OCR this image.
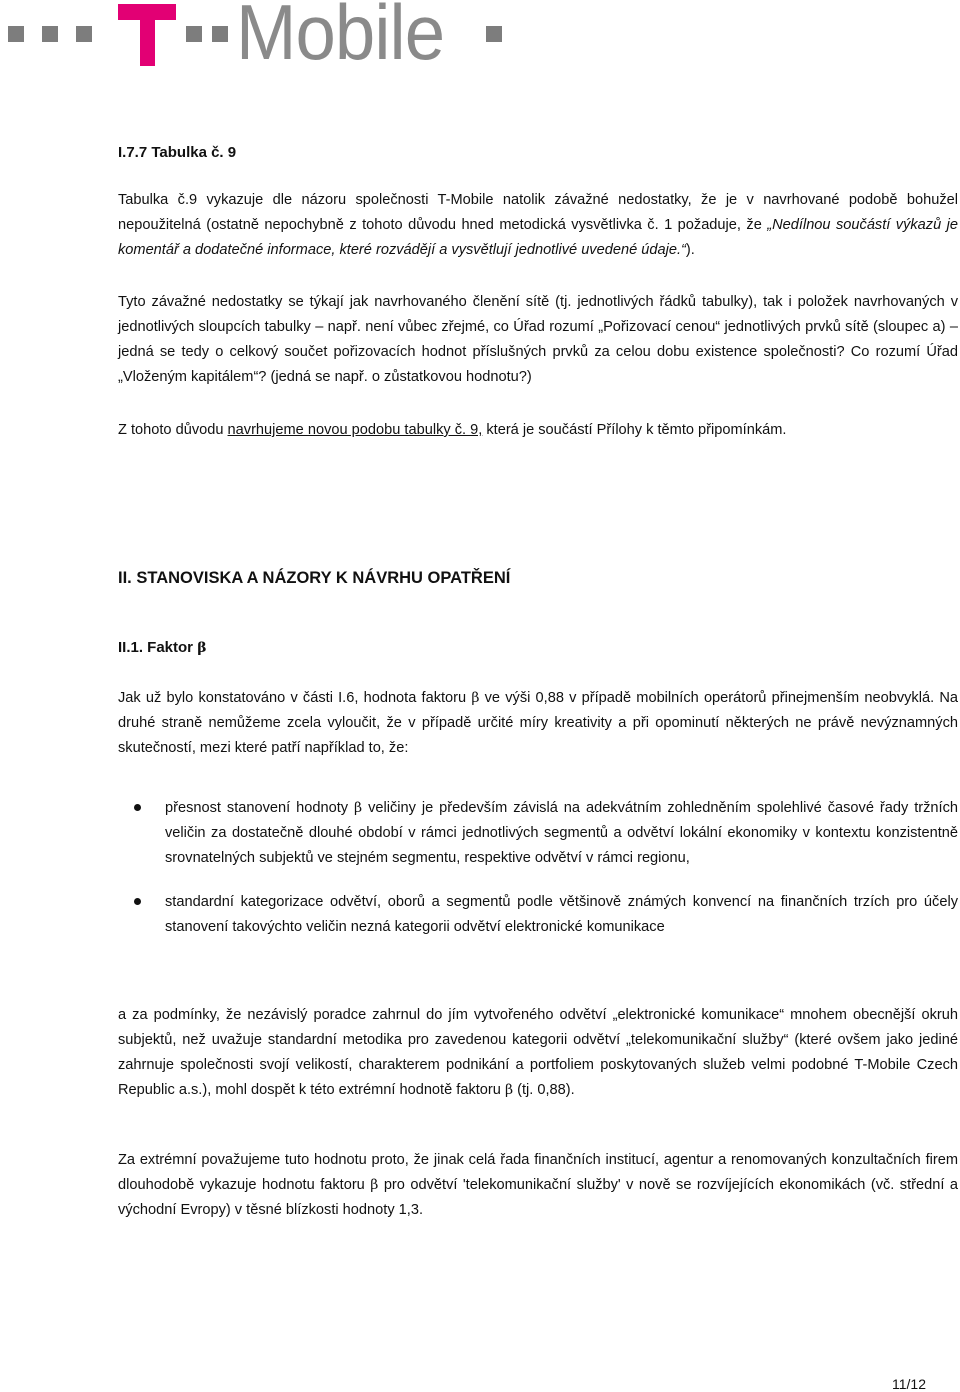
Mobile
I.7.7 Tabulka č. 9
Tabulka č.9 vykazuje dle názoru společnosti T-Mobile natolik závažné nedostatky, že je v navrhované podobě bohužel nepoužitelná (ostatně nepochybně z tohoto důvodu hned metodická vysvětlivka č. 1 požaduje, že „Nedílnou součástí výkazů je komentář a dodatečné informace, které rozvádějí a vysvětlují jednotlivé uvedené údaje.“).
Tyto závažné nedostatky se týkají jak navrhovaného členění sítě (tj. jednotlivých řádků tabulky), tak i položek navrhovaných v jednotlivých sloupcích tabulky – např. není vůbec zřejmé, co Úřad rozumí „Pořizovací cenou“ jednotlivých prvků sítě (sloupec a) – jedná se tedy o celkový součet pořizovacích hodnot příslušných prvků za celou dobu existence společnosti? Co rozumí Úřad „Vloženým kapitálem“? (jedná se např. o zůstatkovou hodnotu?)
Z tohoto důvodu navrhujeme novou podobu tabulky č. 9, která je součástí Přílohy k těmto připomínkám.
II. STANOVISKA A NÁZORY K NÁVRHU OPATŘENÍ
II.1. Faktor β
Jak už bylo konstatováno v části I.6, hodnota faktoru β ve výši 0,88 v případě mobilních operátorů přinejmenším neobvyklá. Na druhé straně nemůžeme zcela vyloučit, že v případě určité míry kreativity a při opominutí některých ne právě nevýznamných skutečností, mezi které patří například to, že:
přesnost stanovení hodnoty β veličiny je především závislá na adekvátním zohledněním spolehlivé časové řady tržních veličin za dostatečně dlouhé období v rámci jednotlivých segmentů a odvětví lokální ekonomiky v kontextu konzistentně srovnatelných subjektů ve stejném segmentu, respektive odvětví v rámci regionu,
standardní kategorizace odvětví, oborů a segmentů podle většinově známých konvencí na finančních trzích pro účely stanovení takovýchto veličin nezná kategorii odvětví elektronické komunikace
a za podmínky, že nezávislý poradce zahrnul do jím vytvořeného odvětví „elektronické komunikace“ mnohem obecnější okruh subjektů, než uvažuje standardní metodika pro zavedenou kategorii odvětví „telekomunikační služby“ (které ovšem jako jediné zahrnuje společnosti svojí velikostí, charakterem podnikání a portfoliem poskytovaných služeb velmi podobné T-Mobile Czech Republic a.s.), mohl dospět k této extrémní hodnotě faktoru β (tj. 0,88).
Za extrémní považujeme tuto hodnotu proto, že jinak celá řada finančních institucí, agentur a renomovaných konzultačních firem dlouhodobě vykazuje hodnotu faktoru β pro odvětví 'telekomunikační služby' v nově se rozvíjejících ekonomikách (vč. střední a východní Evropy) v těsné blízkosti hodnoty 1,3.
11/12
